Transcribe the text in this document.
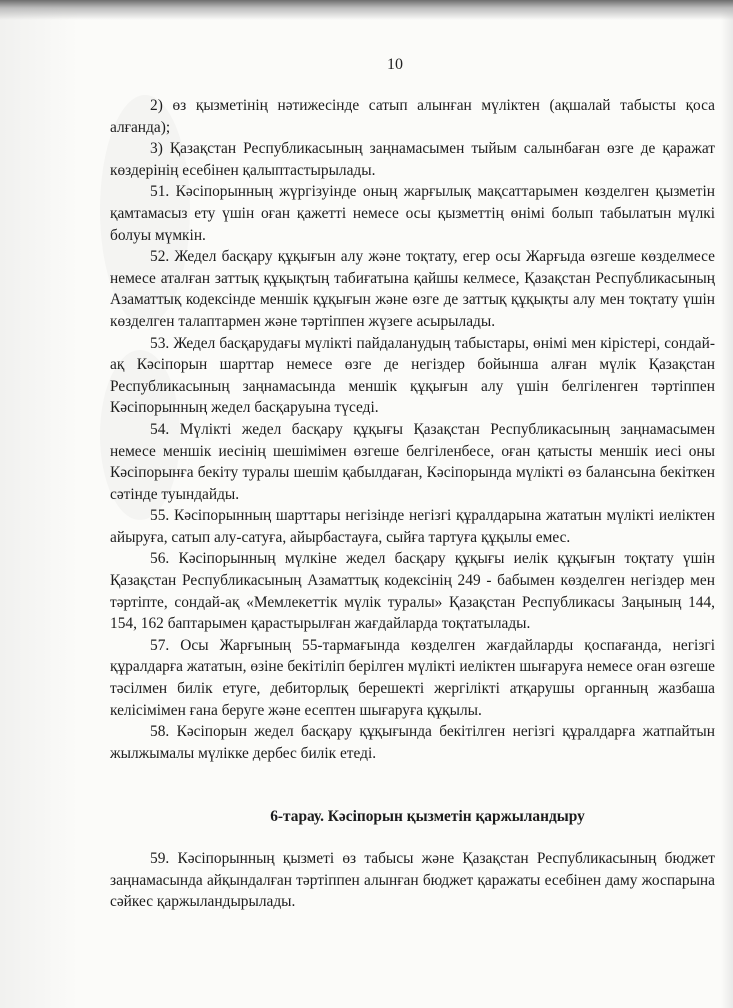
10

2) өз қызметінің нәтижесінде сатып алынған мүліктен (ақшалай табысты қоса алғанда);

3) Қазақстан Республикасының заңнамасымен тыйым салынбаған өзге де қаражат көздерінің есебінен қалыптастырылады.

51. Кәсіпорынның жүргізуінде оның жарғылық мақсаттарымен көзделген қызметін қамтамасыз ету үшін оған қажетті немесе осы қызметтің өнімі болып табылатын мүлкі болуы мүмкін.

52. Жедел басқару құқығын алу және тоқтату, егер осы Жарғыда өзгеше көзделмесе немесе аталған заттық құқықтың табиғатына қайшы келмесе, Қазақстан Республикасының Азаматтық кодексінде меншік құқығын және өзге де заттық құқықты алу мен тоқтату үшін көзделген талаптармен және тәртіппен жүзеге асырылады.

53. Жедел басқарудағы мүлікті пайдаланудың табыстары, өнімі мен кірістері, сондай-ақ Кәсіпорын шарттар немесе өзге де негіздер бойынша алған мүлік Қазақстан Республикасының заңнамасында меншік құқығын алу үшін белгіленген тәртіппен Кәсіпорынның жедел басқаруына түседі.

54. Мүлікті жедел басқару құқығы Қазақстан Республикасының заңнамасымен немесе меншік иесінің шешімімен өзгеше белгіленбесе, оған қатысты меншік иесі оны Кәсіпорынға бекіту туралы шешім қабылдаған, Кәсіпорында мүлікті өз балансына бекіткен сәтінде туындайды.

55. Кәсіпорынның шарттары негізінде негізгі құралдарына жататын мүлікті иеліктен айыруға, сатып алу-сатуға, айырбастауға, сыйға тартуға құқылы емес.

56. Кәсіпорынның мүлкіне жедел басқару құқығы иелік құқығын тоқтату үшін Қазақстан Республикасының Азаматтық кодексінің 249 - бабымен көзделген негіздер мен тәртіпте, сондай-ақ «Мемлекеттік мүлік туралы» Қазақстан Республикасы Заңының 144, 154, 162 баптарымен қарастырылған жағдайларда тоқтатылады.

57. Осы Жарғының 55-тармағында көзделген жағдайларды қоспағанда, негізгі құралдарға жататын, өзіне бекітіліп берілген мүлікті иеліктен шығаруға немесе оған өзгеше тәсілмен билік етуге, дебиторлық берешекті жергілікті атқарушы органның жазбаша келісімімен ғана беруге және есептен шығаруға құқылы.

58. Кәсіпорын жедел басқару құқығында бекітілген негізгі құралдарға жатпайтын жылжымалы мүлікке дербес билік етеді.

6-тарау. Кәсіпорын қызметін қаржыландыру

59. Кәсіпорынның қызметі өз табысы және Қазақстан Республикасының бюджет заңнамасында айқындалған тәртіппен алынған бюджет қаражаты есебінен даму жоспарына сәйкес қаржыландырылады.
